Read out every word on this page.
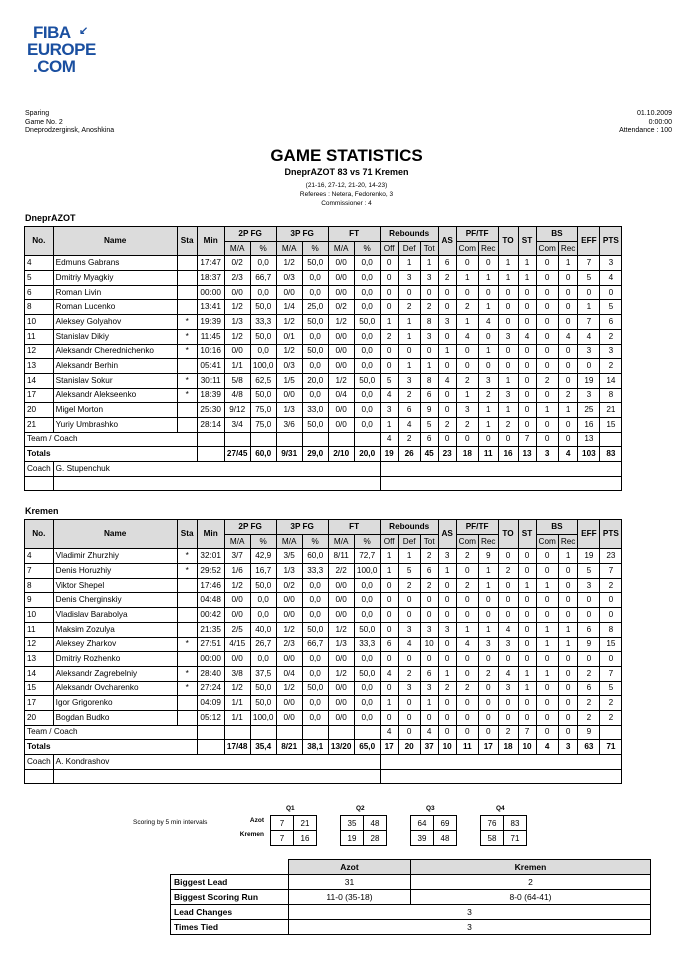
FIBA ↙
EUROPE
.COM
Sparing
Game No. 2
Dneprodzerginsk, Anoshkina
01.10.2009
0:00:00
Attendance : 100
GAME STATISTICS
DneprAZOT 83 vs 71 Kremen
(21-16, 27-12, 21-20, 14-23)
Referees : Netera, Fedorenko, 3
Commissioner : 4
DneprAZOT
No.	Name	Sta	Min	2P FG		3P FG		FT		Rebounds			AS	PF/TF		TO	ST	BS		EFF	PTS
				M/A	%	M/A	%	M/A	%	Off	Def	Tot		Com	Rec			Com	Rec		
4	Edmuns Gabrans		17:47	0/2	0,0	1/2	50,0	0/0	0,0	0	1	1	6	0	0	1	1	0	1	7	3
5	Dmitriy Myagkiy		18:37	2/3	66,7	0/3	0,0	0/0	0,0	0	3	3	2	1	1	1	1	0	0	5	4
6	Roman Livin		00:00	0/0	0,0	0/0	0,0	0/0	0,0	0	0	0	0	0	0	0	0	0	0	0	0
8	Roman Lucenko		13:41	1/2	50,0	1/4	25,0	0/2	0,0	0	2	2	0	2	1	0	0	0	0	1	5
10	Aleksey Golyahov	*	19:39	1/3	33,3	1/2	50,0	1/2	50,0	1	1	8	3	1	4	0	0	0	0	7	6
11	Stanislav Dikiy	*	11:45	1/2	50,0	0/1	0,0	0/0	0,0	2	1	3	0	4	0	3	4	0	4	4	2
12	Aleksandr Cherednichenko	*	10:16	0/0	0,0	1/2	50,0	0/0	0,0	0	0	0	1	0	1	0	0	0	0	3	3
13	Aleksandr Berhin		05:41	1/1	100,0	0/3	0,0	0/0	0,0	0	1	1	0	0	0	0	0	0	0	0	2
14	Stanislav Sokur	*	30:11	5/8	62,5	1/5	20,0	1/2	50,0	5	3	8	4	2	3	1	0	2	0	19	14
17	Aleksandr Alekseenko	*	18:39	4/8	50,0	0/0	0,0	0/4	0,0	4	2	6	0	1	2	3	0	0	2	3	8
20	Migel Morton		25:30	9/12	75,0	1/3	33,0	0/0	0,0	3	6	9	0	3	1	1	0	1	1	25	21
21	Yuriy Umbrashko		28:14	3/4	75,0	3/6	50,0	0/0	0,0	1	4	5	2	2	1	2	0	0	0	16	15
Team / Coach										4	2	6	0	0	0	0	7	0	0	13	
Totals				27/45	60,0	9/31	29,0	2/10	20,0	19	26	45	23	18	11	16	13	3	4	103	83
Coach	G. Stupenchuk																				

Kremen
No.	Name	Sta	Min	2P FG		3P FG		FT		Rebounds			AS	PF/TF		TO	ST	BS		EFF	PTS
				M/A	%	M/A	%	M/A	%	Off	Def	Tot		Com	Rec			Com	Rec		
4	Vladimir Zhurzhiy	*	32:01	3/7	42,9	3/5	60,0	8/11	72,7	1	1	2	3	2	9	0	0	0	1	19	23
7	Denis Horuzhiy	*	29:52	1/6	16,7	1/3	33,3	2/2	100,0	1	5	6	1	0	1	2	0	0	0	5	7
8	Viktor Shepel		17:46	1/2	50,0	0/2	0,0	0/0	0,0	0	2	2	0	2	1	0	1	1	0	3	2
9	Denis Cherginskiy		04:48	0/0	0,0	0/0	0,0	0/0	0,0	0	0	0	0	0	0	0	0	0	0	0	0
10	Vladislav Barabolya		00:42	0/0	0,0	0/0	0,0	0/0	0,0	0	0	0	0	0	0	0	0	0	0	0	0
11	Maksim Zozulya		21:35	2/5	40,0	1/2	50,0	1/2	50,0	0	3	3	3	1	1	4	0	1	1	6	8
12	Aleksey Zharkov	*	27:51	4/15	26,7	2/3	66,7	1/3	33,3	6	4	10	0	4	3	3	0	1	1	9	15
13	Dmitriy Rozhenko		00:00	0/0	0,0	0/0	0,0	0/0	0,0	0	0	0	0	0	0	0	0	0	0	0	0
14	Aleksandr Zagrebelniy	*	28:40	3/8	37,5	0/4	0,0	1/2	50,0	4	2	6	1	0	2	4	1	1	0	2	7
15	Aleksandr Ovcharenko	*	27:24	1/2	50,0	1/2	50,0	0/0	0,0	0	3	3	2	2	0	3	1	0	0	6	5
17	Igor Grigorenko		04:09	1/1	50,0	0/0	0,0	0/0	0,0	1	0	1	0	0	0	0	0	0	0	2	2
20	Bogdan Budko		05:12	1/1	100,0	0/0	0,0	0/0	0,0	0	0	0	0	0	0	0	0	0	0	2	2
Team / Coach										4	0	4	0	0	0	2	7	0	0	9	
Totals				17/48	35,4	8/21	38,1	13/20	65,0	17	20	37	10	11	17	18	10	4	3	63	71
Coach	A. Kondrashov																				

Scoring by 5 min intervals	Azot
Kremen
Q1
7	21
7	16
Q2
35	48
19	28
Q3
64	69
39	48
Q4
76	83
58	71
	Azot	Kremen
Biggest Lead	31	2
Biggest Scoring Run	11-0 (35-18)	8-0 (64-41)
Lead Changes	3	
Times Tied	3	
